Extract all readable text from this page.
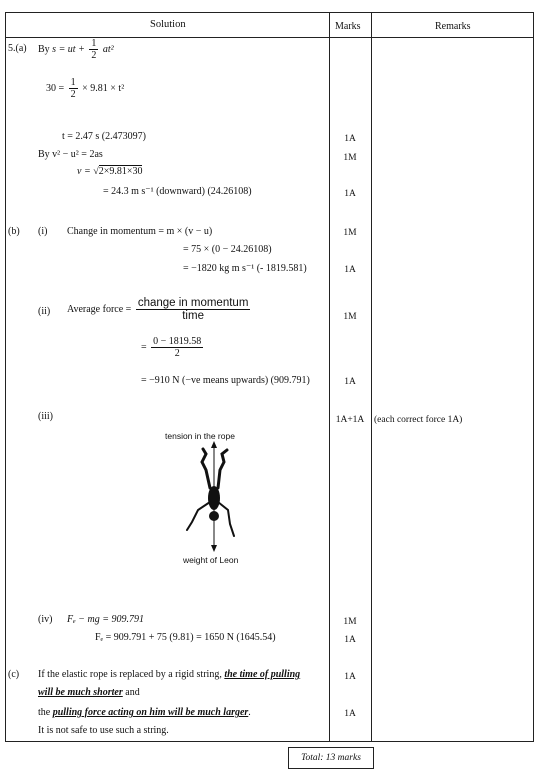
Solution	Marks	Remarks
5.(a) By s = ut + $\frac{1}{2} at^2$
$30 = \frac{1}{2} \times 9.81 \times t^2$
t = 2.47 s (2.473097)
By v² − u² = 2as
v = √2×9.81×30
= 24.3 m s⁻¹ (downward) (24.26108)
(b) (i) Change in momentum = m × (v − u)
= 75 × (0 − 24.26108)
= −1820 kg m s⁻¹ (- 1819.581)
(ii) Average force = $\frac{\text{change in momentum}}{\text{time}}$
= $\frac{0 - 1819.58}{2}$
= −910 N (−ve means upwards) (909.791)
(iii)
tension in the rope
weight of Leon
(iv) Fₑ − mg = 909.791
Fₑ = 909.791 + 75 (9.81) = 1650 N (1645.54)
(c) If the elastic rope is replaced by a rigid string, the time of pulling
will be much shorter and
the pulling force acting on him will be much larger.
It is not safe to use such a string.
1A
1M
1A
1M
1A
1M
1A
1A+1A
1M
1A
1A
1A
(each correct force 1A)
Total: 13 marks
